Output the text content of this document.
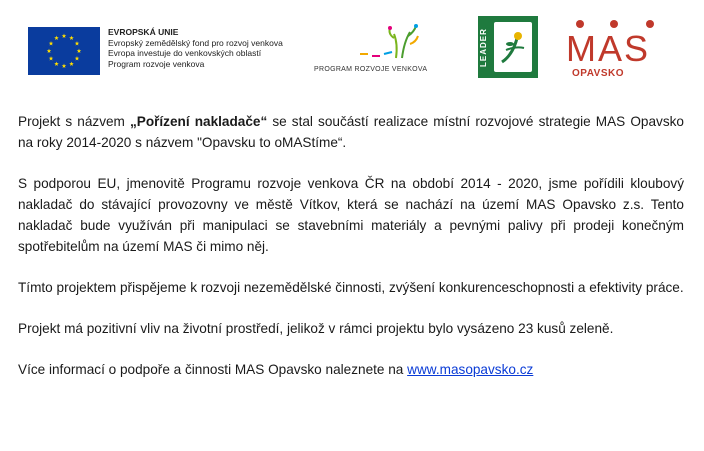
EVROPSKÁ UNIE
Evropský zemědělský fond pro rozvoj venkova
Evropa investuje do venkovských oblastí
Program rozvoje venkova
PROGRAM ROZVOJE VENKOVA
LEADER MAS
OPAVSKO

Projekt s názvem „Pořízení nakladače“ se stal součástí realizace místní rozvojové strategie MAS Opavsko na roky 2014-2020 s názvem "Opavsku to oMAStíme“.

S podporou EU, jmenovitě Programu rozvoje venkova ČR na období 2014 - 2020, jsme pořídili kloubový nakladač do stávající provozovny ve městě Vítkov, která se nachází na území MAS Opavsko z.s. Tento nakladač bude využíván při manipulaci se stavebními materiály a pevnými palivy při prodeji konečným spotřebitelům na území MAS či mimo něj.

Tímto projektem přispějeme k rozvoji nezemědělské činnosti, zvýšení konkurenceschopnosti a efektivity práce.

Projekt má pozitivní vliv na životní prostředí, jelikož v rámci projektu bylo vysázeno 23 kusů zeleně.

Více informací o podpoře a činnosti MAS Opavsko naleznete na www.masopavsko.cz
